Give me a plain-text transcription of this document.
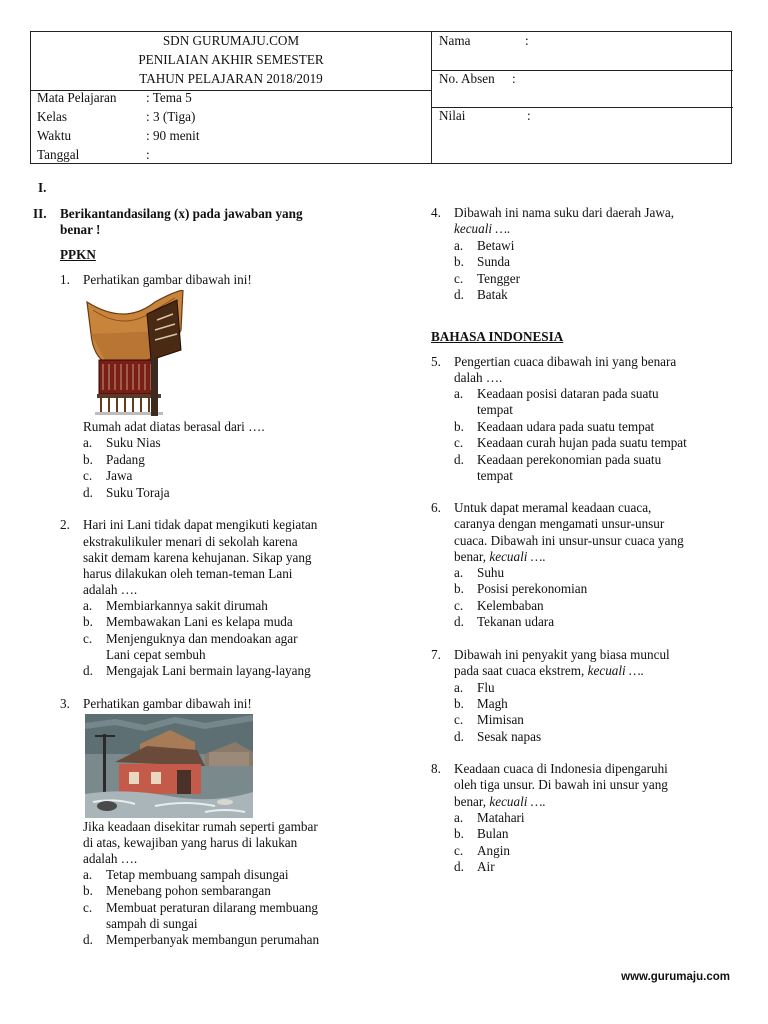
SDN GURUMAJU.COM
PENILAIAN AKHIR SEMESTER
TAHUN PELAJARAN 2018/2019
Mata Pelajaran : Tema 5
Kelas	: 3 (Tiga)
Waktu	: 90 menit
Tanggal	:
Nama	:
No. Absen :
Nilai	:
I.
II. Berikantandasilang (x) pada jawaban yang
benar !
PPKN
1. Perhatikan gambar dibawah ini!
Rumah adat diatas berasal dari ….
a. Suku Nias
b. Padang
c. Jawa
d. Suku Toraja
2. Hari ini Lani tidak dapat mengikuti kegiatan
ekstrakulikuler menari di sekolah karena
sakit demam karena kehujanan. Sikap yang
harus dilakukan oleh teman-teman Lani
adalah ….
a. Membiarkannya sakit dirumah
b. Membawakan Lani es kelapa muda
c. Menjenguknya dan mendoakan agar
Lani cepat sembuh
d. Mengajak Lani bermain layang-layang
3. Perhatikan gambar dibawah ini!
Jika keadaan disekitar rumah seperti gambar
di atas, kewajiban yang harus di lakukan
adalah ….
a. Tetap membuang sampah disungai
b. Menebang pohon sembarangan
c. Membuat peraturan dilarang membuang
sampah di sungai
d. Memperbanyak membangun perumahan
4. Dibawah ini nama suku dari daerah Jawa,
kecuali ….
a. Betawi
b. Sunda
c. Tengger
d. Batak
BAHASA INDONESIA
5. Pengertian cuaca dibawah ini yang benara
dalah ….
a. Keadaan posisi dataran pada suatu
tempat
b. Keadaan udara pada suatu tempat
c. Keadaan curah hujan pada suatu tempat
d. Keadaan perekonomian pada suatu
tempat
6. Untuk dapat meramal keadaan cuaca,
caranya dengan mengamati unsur-unsur
cuaca. Dibawah ini unsur-unsur cuaca yang
benar, kecuali ….
a. Suhu
b. Posisi perekonomian
c. Kelembaban
d. Tekanan udara
7. Dibawah ini penyakit yang biasa muncul
pada saat cuaca ekstrem, kecuali ….
a. Flu
b. Magh
c. Mimisan
d. Sesak napas
8. Keadaan cuaca di Indonesia dipengaruhi
oleh tiga unsur. Di bawah ini unsur yang
benar, kecuali ….
a. Matahari
b. Bulan
c. Angin
d. Air
www.gurumaju.com
